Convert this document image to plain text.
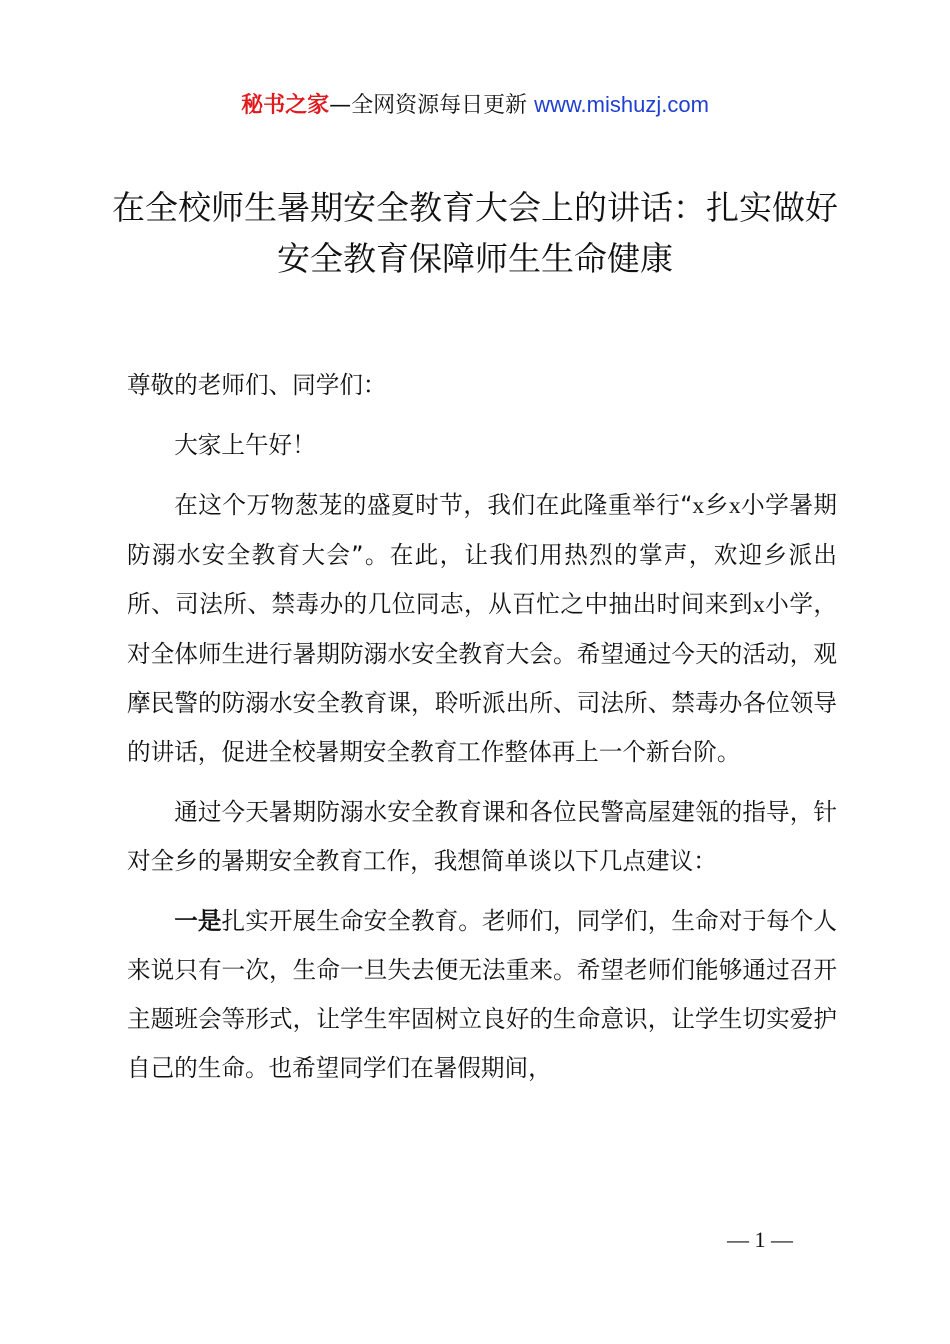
秘书之家—全网资源每日更新 www.mishuzj.com
在全校师生暑期安全教育大会上的讲话：扎实做好安全教育保障师生生命健康

尊敬的老师们、同学们：

大家上午好！

在这个万物葱茏的盛夏时节，我们在此隆重举行“x乡x小学暑期防溺水安全教育大会”。在此，让我们用热烈的掌声，欢迎乡派出所、司法所、禁毒办的几位同志，从百忙之中抽出时间来到x小学，对全体师生进行暑期防溺水安全教育大会。希望通过今天的活动，观摩民警的防溺水安全教育课，聆听派出所、司法所、禁毒办各位领导的讲话，促进全校暑期安全教育工作整体再上一个新台阶。

通过今天暑期防溺水安全教育课和各位民警高屋建瓴的指导，针对全乡的暑期安全教育工作，我想简单谈以下几点建议：

一是扎实开展生命安全教育。老师们，同学们，生命对于每个人来说只有一次，生命一旦失去便无法重来。希望老师们能够通过召开主题班会等形式，让学生牢固树立良好的生命意识，让学生切实爱护自己的生命。也希望同学们在暑假期间，

— 1 —
